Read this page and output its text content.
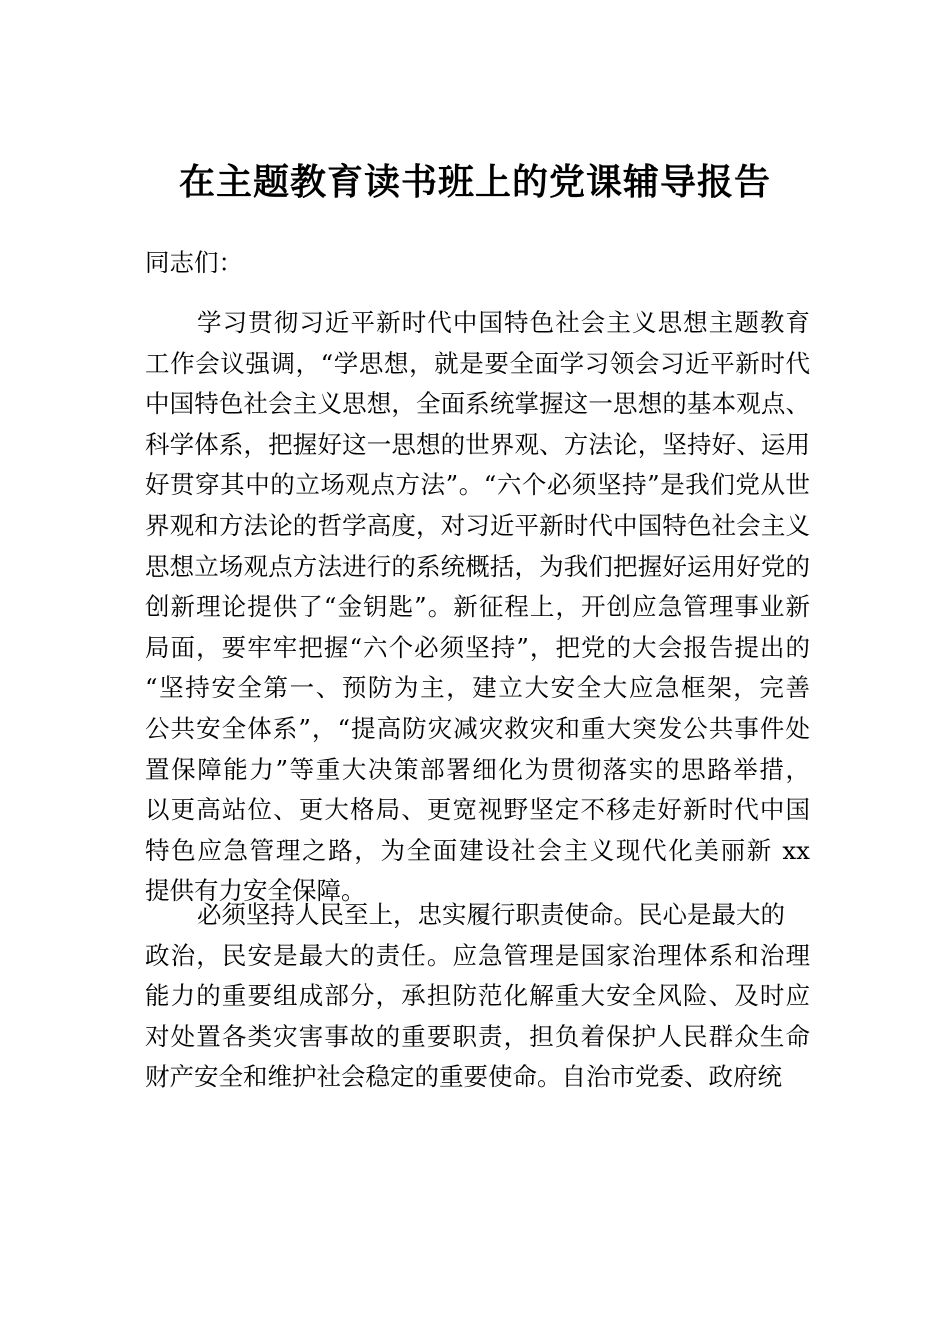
在主题教育读书班上的党课辅导报告
同志们：
学习贯彻习近平新时代中国特色社会主义思想主题教育
工作会议强调，“学思想，就是要全面学习领会习近平新时代
中国特色社会主义思想，全面系统掌握这一思想的基本观点、
科学体系，把握好这一思想的世界观、方法论，坚持好、运用
好贯穿其中的立场观点方法”。“六个必须坚持”是我们党从世
界观和方法论的哲学高度，对习近平新时代中国特色社会主义
思想立场观点方法进行的系统概括，为我们把握好运用好党的
创新理论提供了“金钥匙”。新征程上，开创应急管理事业新
局面，要牢牢把握“六个必须坚持”，把党的大会报告提出的
“坚持安全第一、预防为主，建立大安全大应急框架，完善
公共安全体系”，“提高防灾减灾救灾和重大突发公共事件处
置保障能力”等重大决策部署细化为贯彻落实的思路举措，
以更高站位、更大格局、更宽视野坚定不移走好新时代中国
特色应急管理之路，为全面建设社会主义现代化美丽新 xx
提供有力安全保障。
必须坚持人民至上，忠实履行职责使命。民心是最大的
政治，民安是最大的责任。应急管理是国家治理体系和治理
能力的重要组成部分，承担防范化解重大安全风险、及时应
对处置各类灾害事故的重要职责，担负着保护人民群众生命
财产安全和维护社会稳定的重要使命。自治市党委、政府统
